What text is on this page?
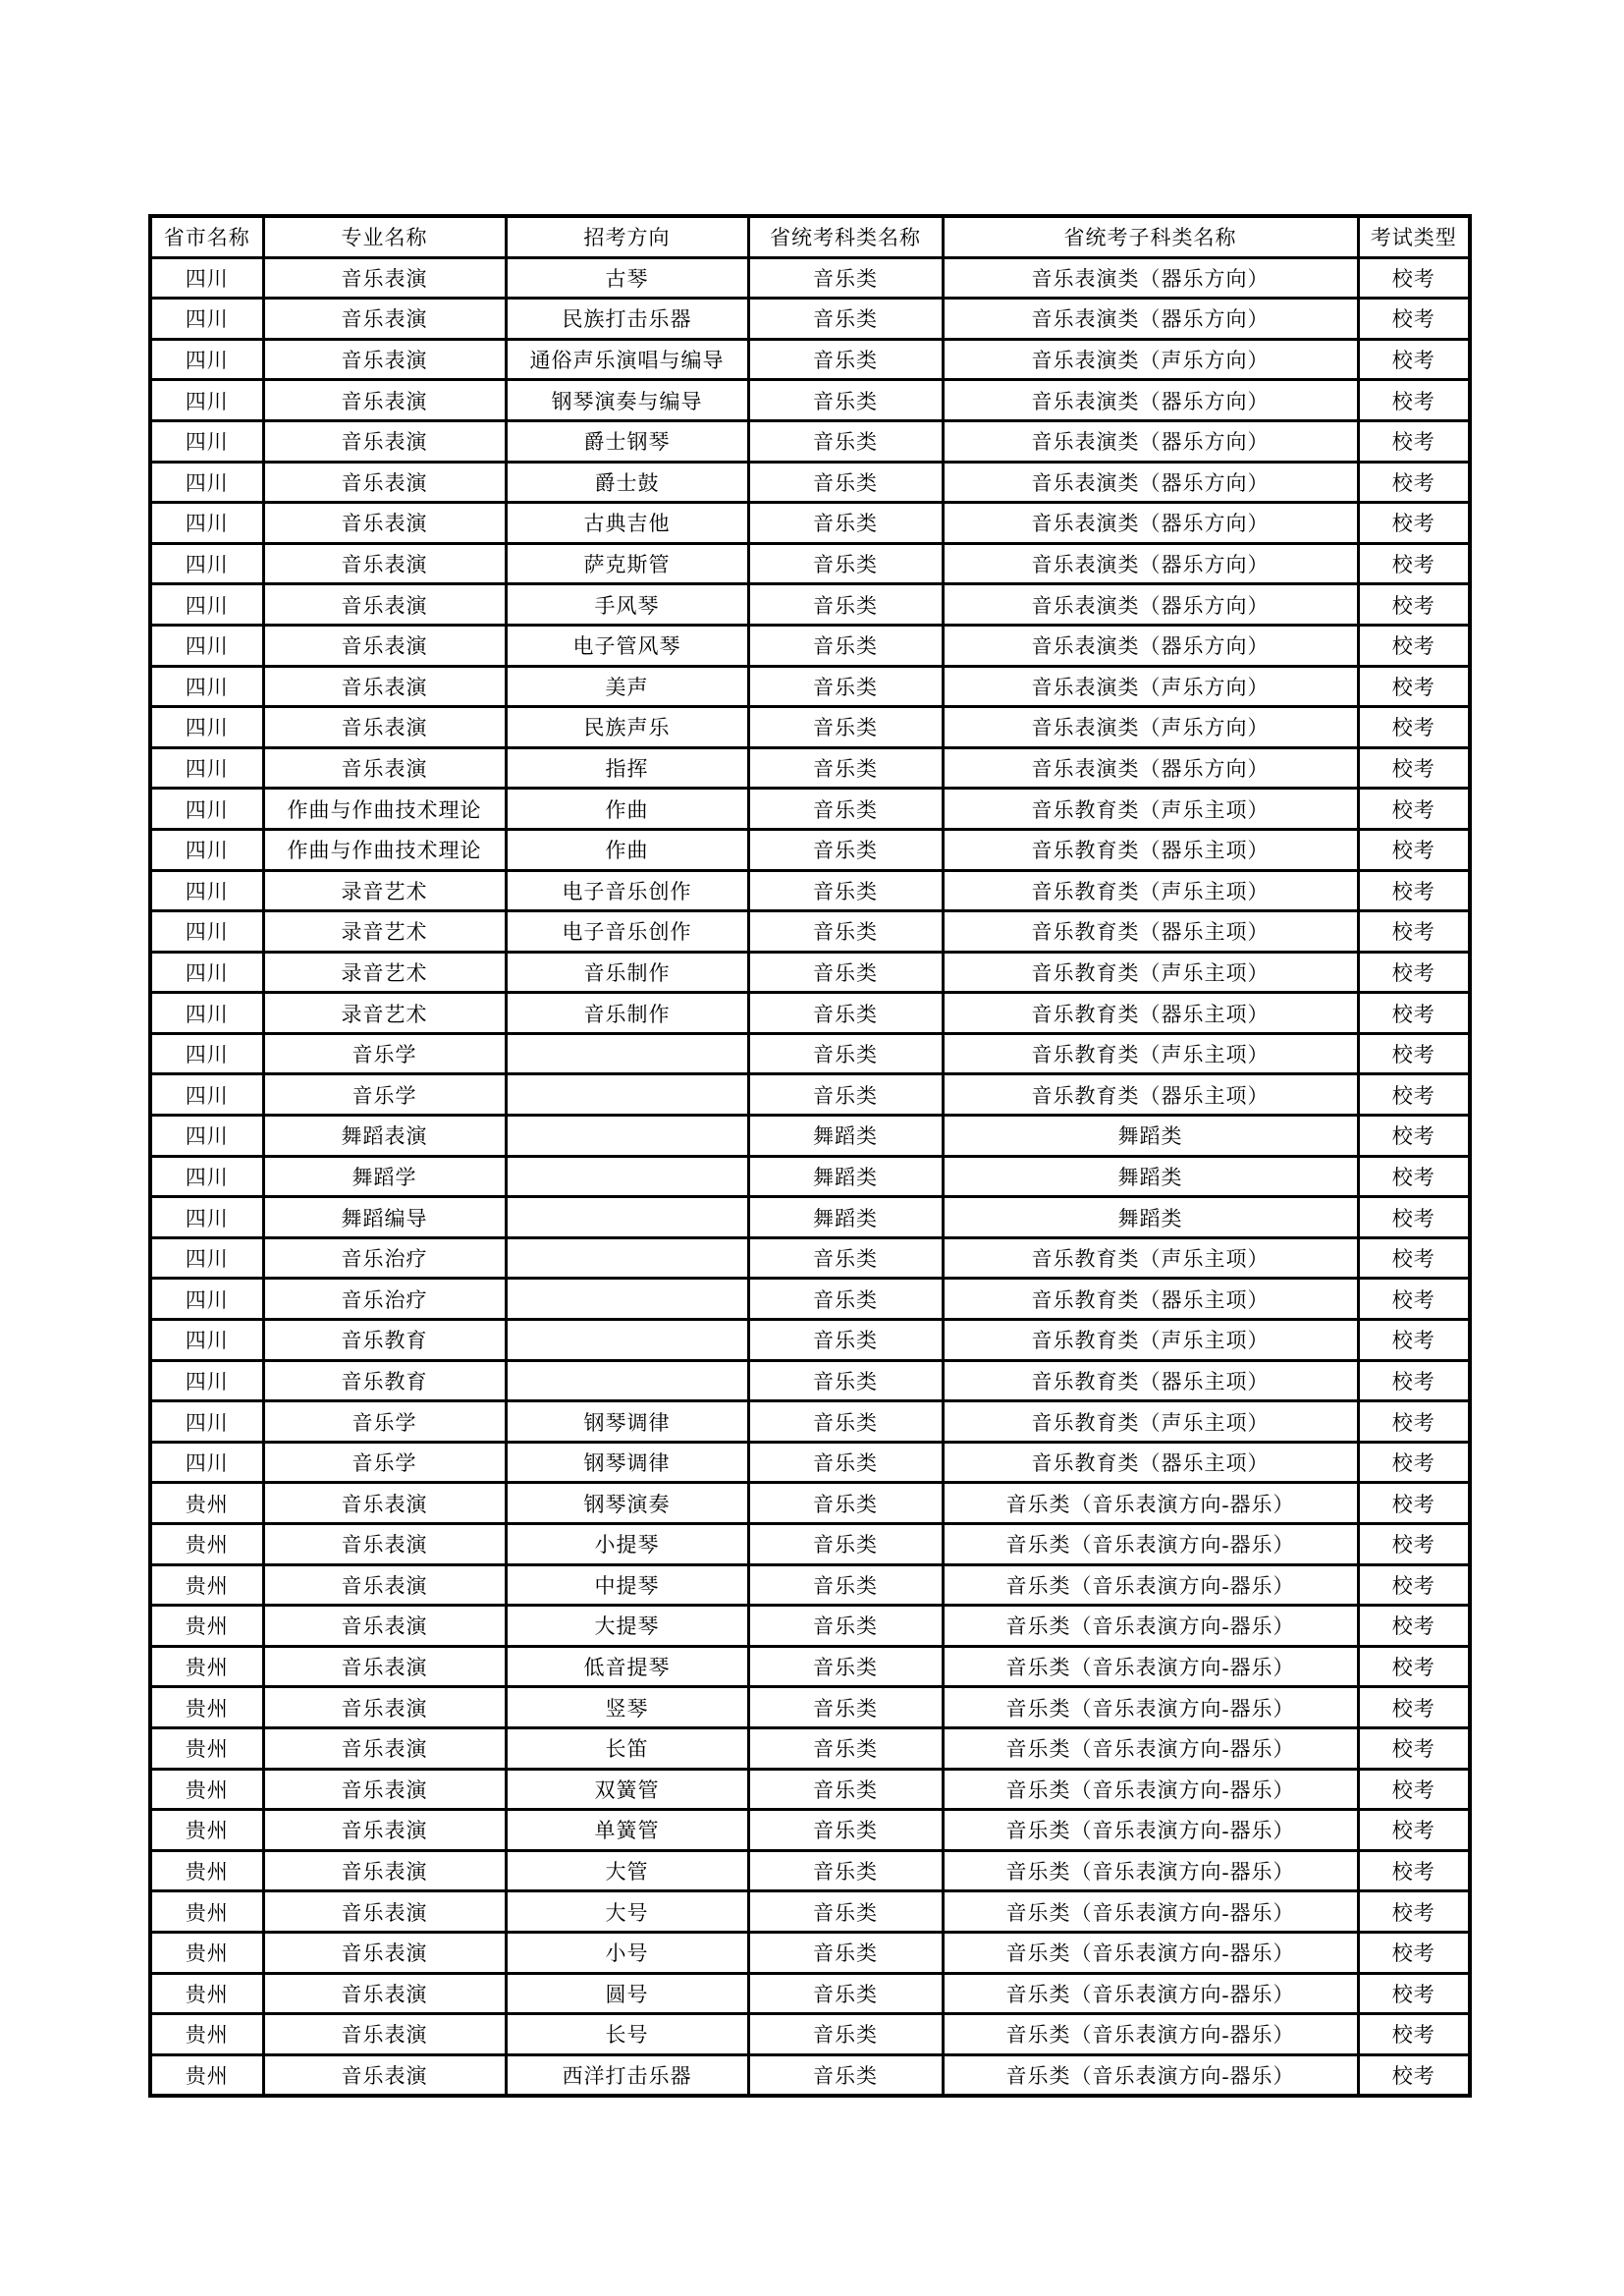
省市名称	专业名称	招考方向	省统考科类名称	省统考子科类名称	考试类型
四川	音乐表演	古琴	音乐类	音乐表演类（器乐方向）	校考
四川	音乐表演	民族打击乐器	音乐类	音乐表演类（器乐方向）	校考
四川	音乐表演	通俗声乐演唱与编导	音乐类	音乐表演类（声乐方向）	校考
四川	音乐表演	钢琴演奏与编导	音乐类	音乐表演类（器乐方向）	校考
四川	音乐表演	爵士钢琴	音乐类	音乐表演类（器乐方向）	校考
四川	音乐表演	爵士鼓	音乐类	音乐表演类（器乐方向）	校考
四川	音乐表演	古典吉他	音乐类	音乐表演类（器乐方向）	校考
四川	音乐表演	萨克斯管	音乐类	音乐表演类（器乐方向）	校考
四川	音乐表演	手风琴	音乐类	音乐表演类（器乐方向）	校考
四川	音乐表演	电子管风琴	音乐类	音乐表演类（器乐方向）	校考
四川	音乐表演	美声	音乐类	音乐表演类（声乐方向）	校考
四川	音乐表演	民族声乐	音乐类	音乐表演类（声乐方向）	校考
四川	音乐表演	指挥	音乐类	音乐表演类（器乐方向）	校考
四川	作曲与作曲技术理论	作曲	音乐类	音乐教育类（声乐主项）	校考
四川	作曲与作曲技术理论	作曲	音乐类	音乐教育类（器乐主项）	校考
四川	录音艺术	电子音乐创作	音乐类	音乐教育类（声乐主项）	校考
四川	录音艺术	电子音乐创作	音乐类	音乐教育类（器乐主项）	校考
四川	录音艺术	音乐制作	音乐类	音乐教育类（声乐主项）	校考
四川	录音艺术	音乐制作	音乐类	音乐教育类（器乐主项）	校考
四川	音乐学		音乐类	音乐教育类（声乐主项）	校考
四川	音乐学		音乐类	音乐教育类（器乐主项）	校考
四川	舞蹈表演		舞蹈类	舞蹈类	校考
四川	舞蹈学		舞蹈类	舞蹈类	校考
四川	舞蹈编导		舞蹈类	舞蹈类	校考
四川	音乐治疗		音乐类	音乐教育类（声乐主项）	校考
四川	音乐治疗		音乐类	音乐教育类（器乐主项）	校考
四川	音乐教育		音乐类	音乐教育类（声乐主项）	校考
四川	音乐教育		音乐类	音乐教育类（器乐主项）	校考
四川	音乐学	钢琴调律	音乐类	音乐教育类（声乐主项）	校考
四川	音乐学	钢琴调律	音乐类	音乐教育类（器乐主项）	校考
贵州	音乐表演	钢琴演奏	音乐类	音乐类（音乐表演方向-器乐）	校考
贵州	音乐表演	小提琴	音乐类	音乐类（音乐表演方向-器乐）	校考
贵州	音乐表演	中提琴	音乐类	音乐类（音乐表演方向-器乐）	校考
贵州	音乐表演	大提琴	音乐类	音乐类（音乐表演方向-器乐）	校考
贵州	音乐表演	低音提琴	音乐类	音乐类（音乐表演方向-器乐）	校考
贵州	音乐表演	竖琴	音乐类	音乐类（音乐表演方向-器乐）	校考
贵州	音乐表演	长笛	音乐类	音乐类（音乐表演方向-器乐）	校考
贵州	音乐表演	双簧管	音乐类	音乐类（音乐表演方向-器乐）	校考
贵州	音乐表演	单簧管	音乐类	音乐类（音乐表演方向-器乐）	校考
贵州	音乐表演	大管	音乐类	音乐类（音乐表演方向-器乐）	校考
贵州	音乐表演	大号	音乐类	音乐类（音乐表演方向-器乐）	校考
贵州	音乐表演	小号	音乐类	音乐类（音乐表演方向-器乐）	校考
贵州	音乐表演	圆号	音乐类	音乐类（音乐表演方向-器乐）	校考
贵州	音乐表演	长号	音乐类	音乐类（音乐表演方向-器乐）	校考
贵州	音乐表演	西洋打击乐器	音乐类	音乐类（音乐表演方向-器乐）	校考
